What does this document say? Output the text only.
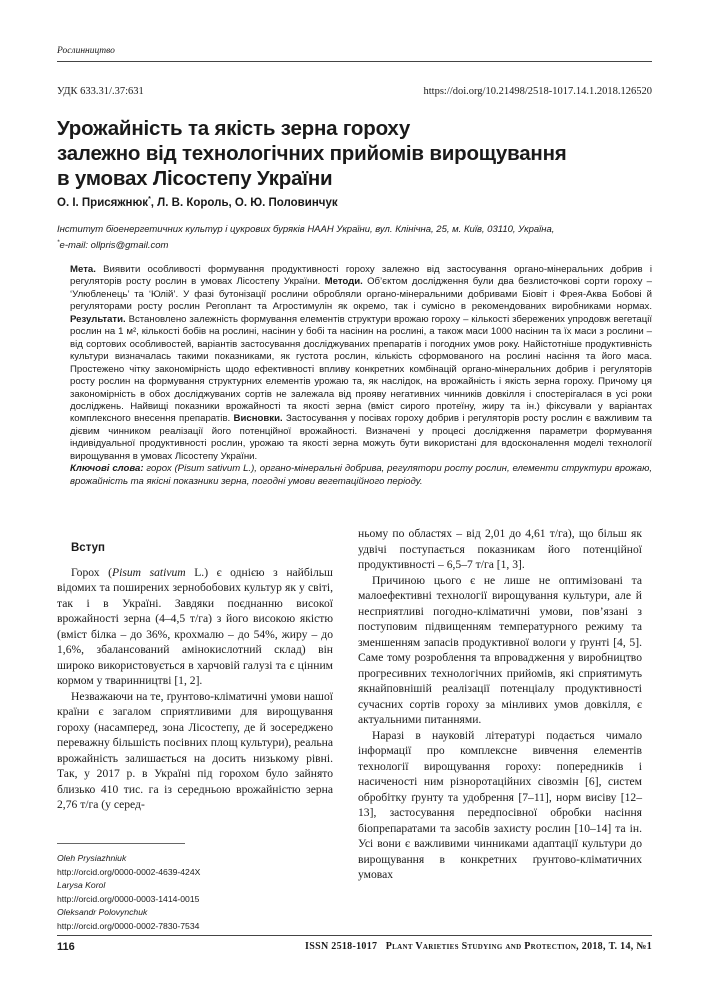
Рослинництво
УДК 633.31/.37:631	https://doi.org/10.21498/2518-1017.14.1.2018.126520
Урожайність та якість зерна гороху
залежно від технологічних прийомів вирощування
в умовах Лісостепу України
О. І. Присяжнюк*, Л. В. Король, О. Ю. Половинчук
Інститут біоенергетичних культур і цукрових буряків НААН України, вул. Клінічна, 25, м. Київ, 03110, Україна,
*e-mail: ollpris@gmail.com
Мета. Виявити особливості формування продуктивності гороху залежно від застосування органо-мінеральних добрив і регуляторів росту рослин в умовах Лісостепу України. Методи. Об’єктом дослідження були два безлисточкові сорти гороху – ‘Улюбленець’ та ‘Юлій’. У фазі бутонізації рослини обробляли органо-мінеральними добривами Біовіт і Фрея-Аква Бобові й регуляторами росту рослин Регоплант та Агростимулін як окремо, так і сумісно в рекомендованих виробниками нормах. Результати. Встановлено залежність формування елементів структури врожаю гороху – кількості збережених упродовж вегетації рослин на 1 м², кількості бобів на рослині, насінин у бобі та насінин на рослині, а також маси 1000 насінин та їх маси з рослини – від сортових особливостей, варіантів застосування досліджуваних препаратів і погодних умов року. Найістотніше продуктивність культури визначалась такими показниками, як густота рослин, кількість сформованого на рослині насіння та його маса. Простежено чітку закономірність щодо ефективності впливу конкретних комбінацій органо-мінеральних добрив і регуляторів росту рослин на формування структурних елементів урожаю та, як наслідок, на врожайність і якість зерна гороху. Причому ця закономірність в обох досліджуваних сортів не залежала від прояву негативних чинників довкілля і спостерігалася в усі роки досліджень. Найвищі показники врожайності та якості зерна (вміст сирого протеїну, жиру та ін.) фіксували у варіантах комплексного внесення препаратів. Висновки. Застосування у посівах гороху добрив і регуляторів росту рослин є важливим та дієвим чинником реалізації його потенційної врожайності. Визначені у процесі дослідження параметри формування індивідуальної продуктивності рослин, урожаю та якості зерна можуть бути використані для вдосконалення моделі технології вирощування в умовах Лісостепу України.
Ключові слова: горох (Pisum sativum L.), органо-мінеральні добрива, регулятори росту рослин, елементи структури врожаю, врожайність та якісні показники зерна, погодні умови вегетаційного періоду.
Вступ

Горох (Pisum sativum L.) є однією з найбільш відомих та поширених зернобобових культур як у світі, так і в Україні. Завдяки поєднанню високої врожайності зерна (4–4,5 т/га) з його високою якістю (вміст білка – до 36%, крохмалю – до 54%, жиру – до 1,6%, збалансований амінокислотний склад) він широко використовується в харчовій галузі та є цінним кормом у тваринництві [1, 2].

Незважаючи на те, ґрунтово-кліматичні умови нашої країни є загалом сприятливими для вирощування гороху (насамперед, зона Лісостепу, де й зосереджено переважну більшість посівних площ культури), реальна врожайність залишається на досить низькому рівні. Так, у 2017 р. в Україні під горохом було зайнято близько 410 тис. га із середньою врожайністю зерна 2,76 т/га (у серед-

ньому по областях – від 2,01 до 4,61 т/га), що більш як удвічі поступається показникам його потенційної продуктивності – 6,5–7 т/га [1, 3].

Причиною цього є не лише не оптимізовані та малоефективні технології вирощування культури, але й несприятливі погодно-кліматичні умови, пов’язані з поступовим підвищенням температурного режиму та зменшенням запасів продуктивної вологи у ґрунті [4, 5]. Саме тому розроблення та впровадження у виробництво прогресивних технологічних прийомів, які сприятимуть якнайповнішій реалізації потенціалу продуктивності сучасних сортів гороху за мінливих умов довкілля, є актуальними питаннями.

Наразі в науковій літературі подається чимало інформації про комплексне вивчення елементів технології вирощування гороху: попередників і насиченості ним різноротаційних сівозмін [6], систем обробітку ґрунту та удобрення [7–11], норм висіву [12–13], застосування передпосівної обробки насіння біопрепаратами та засобів захисту рослин [10–14] та ін. Усі вони є важливими чинниками адаптації культури до вирощування в конкретних ґрунтово-кліматичних умовах

Oleh Prysiazhniuk
http://orcid.org/0000-0002-4639-424X
Larysa Korol
http://orcid.org/0000-0003-1414-0015
Oleksandr Polovynchuk
http://orcid.org/0000-0002-7830-7534
116	ISSN 2518-1017 Plant Varieties Studying and Protection, 2018, Т. 14, №1
